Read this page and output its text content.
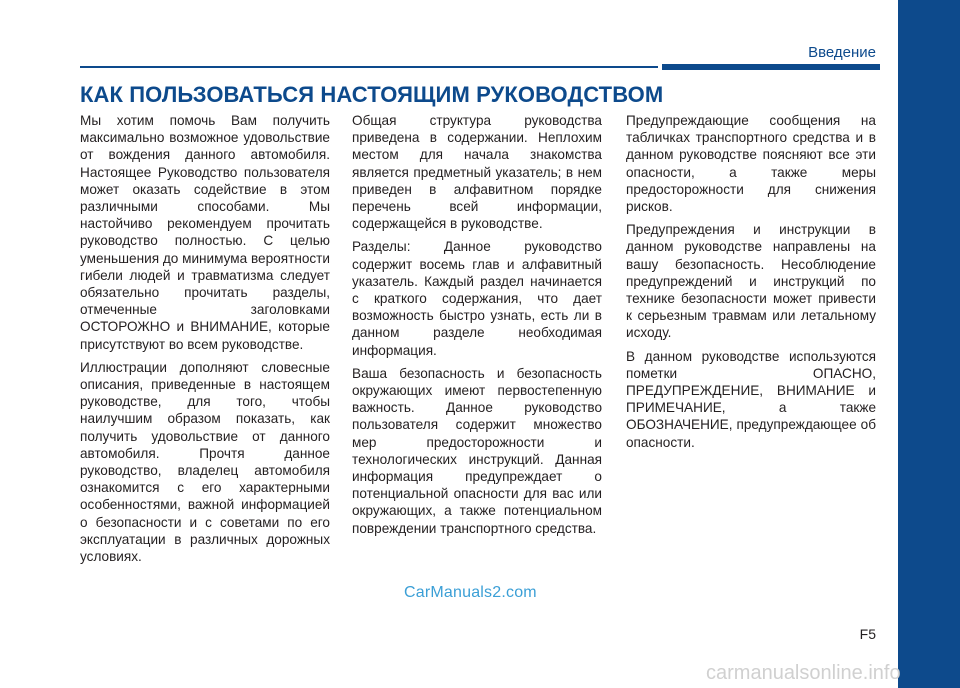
Введение
КАК ПОЛЬЗОВАТЬСЯ НАСТОЯЩИМ РУКОВОДСТВОМ

Мы хотим помочь Вам получить максимально возможное удовольствие от вождения данного автомобиля. Настоящее Руководство пользователя может оказать содействие в этом различными способами. Мы настойчиво рекомендуем прочитать руководство полностью. С целью уменьшения до минимума вероятности гибели людей и травматизма следует обязательно прочитать разделы, отмеченные заголовками ОСТОРОЖНО и ВНИМАНИЕ, которые присутствуют во всем руководстве.

Иллюстрации дополняют словесные описания, приведенные в настоящем руководстве, для того, чтобы наилучшим образом показать, как получить удовольствие от данного автомобиля. Прочтя данное руководство, владелец автомобиля ознакомится с его характерными особенностями, важной информацией о безопасности и с советами по его эксплуатации в различных дорожных условиях.

Общая структура руководства приведена в содержании. Неплохим местом для начала знакомства является предметный указатель; в нем приведен в алфавитном порядке перечень всей информации, содержащейся в руководстве.

Разделы: Данное руководство содержит восемь глав и алфавитный указатель. Каждый раздел начинается с краткого содержания, что дает возможность быстро узнать, есть ли в данном разделе необходимая информация.

Ваша безопасность и безопасность окружающих имеют первостепенную важность. Данное руководство пользователя содержит множество мер предосторожности и технологических инструкций. Данная информация предупреждает о потенциальной опасности для вас или окружающих, а также потенциальном повреждении транспортного средства.

Предупреждающие сообщения на табличках транспортного средства и в данном руководстве поясняют все эти опасности, а также меры предосторожности для снижения рисков.

Предупреждения и инструкции в данном руководстве направлены на вашу безопасность. Несоблюдение предупреждений и инструкций по технике безопасности может привести к серьезным травмам или летальному исходу.

В данном руководстве используются пометки ОПАСНО, ПРЕДУПРЕЖДЕНИЕ, ВНИМАНИЕ и ПРИМЕЧАНИЕ, а также ОБОЗНАЧЕНИЕ, предупреждающее об опасности.

CarManuals2.com
F5
carmanualsonline.info
